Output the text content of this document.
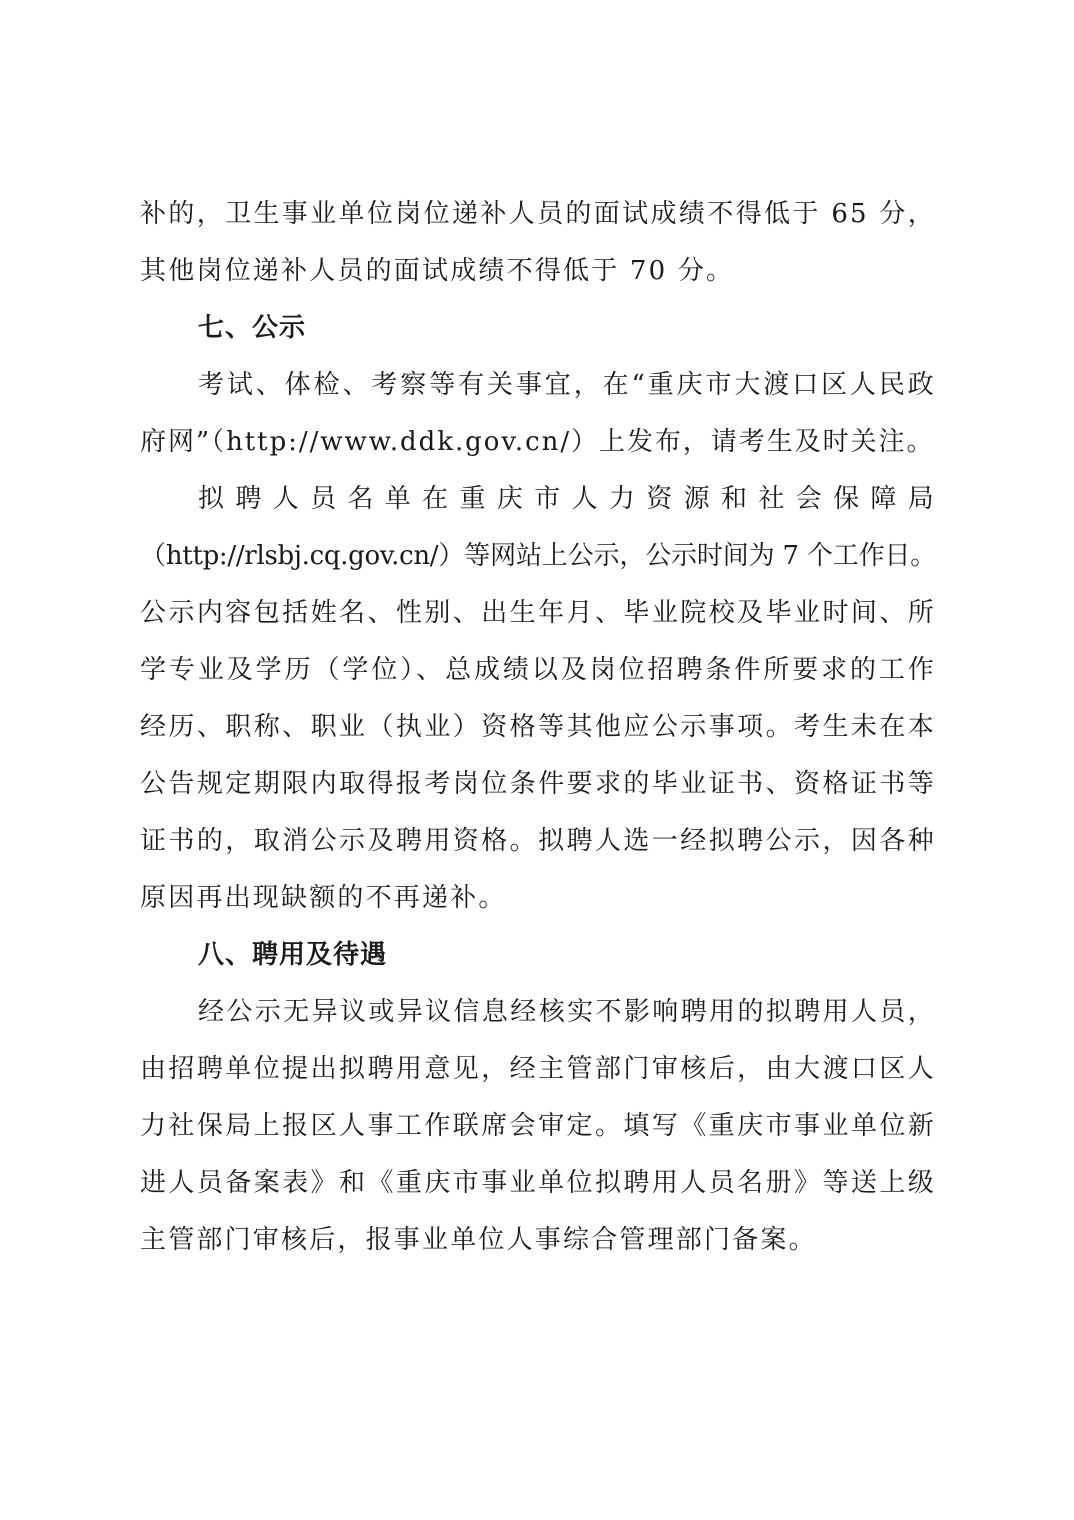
补的，卫生事业单位岗位递补人员的面试成绩不得低于 65 分，
其他岗位递补人员的面试成绩不得低于 70 分。
七、公示
考试、体检、考察等有关事宜，在“重庆市大渡口区人民政
府网”（http://www.ddk.gov.cn/）上发布，请考生及时关注。
拟聘人员名单在重庆市人力资源和社会保障局
（http://rlsbj.cq.gov.cn/）等网站上公示，公示时间为 7 个工作日。
公示内容包括姓名、性别、出生年月、毕业院校及毕业时间、所
学专业及学历（学位）、总成绩以及岗位招聘条件所要求的工作
经历、职称、职业（执业）资格等其他应公示事项。考生未在本
公告规定期限内取得报考岗位条件要求的毕业证书、资格证书等
证书的，取消公示及聘用资格。拟聘人选一经拟聘公示，因各种
原因再出现缺额的不再递补。
八、聘用及待遇
经公示无异议或异议信息经核实不影响聘用的拟聘用人员，
由招聘单位提出拟聘用意见，经主管部门审核后，由大渡口区人
力社保局上报区人事工作联席会审定。填写《重庆市事业单位新
进人员备案表》和《重庆市事业单位拟聘用人员名册》等送上级
主管部门审核后，报事业单位人事综合管理部门备案。
